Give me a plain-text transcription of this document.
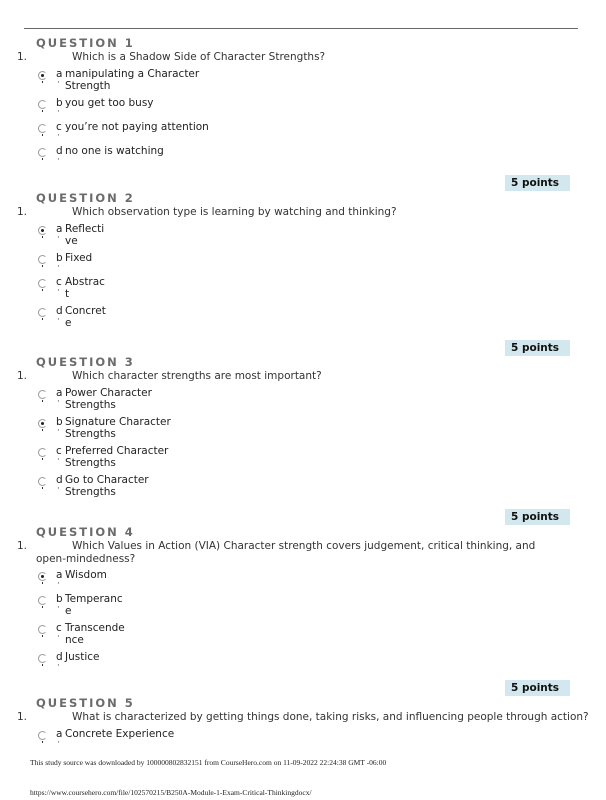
QUESTION 1
1.	Which is a Shadow Side of Character Strengths?
a manipulating a Character
· Strength
b you get too busy
·
c you’re not paying attention
·
d no one is watching
·
5 points
QUESTION 2
1.	Which observation type is learning by watching and thinking?
a Reflecti
· ve
b Fixed
·
c Abstrac
· t
d Concret
· e
5 points
QUESTION 3
1.	Which character strengths are most important?
a Power Character
· Strengths
b Signature Character
· Strengths
c Preferred Character
· Strengths
d Go to Character
· Strengths
5 points
QUESTION 4
1.	Which Values in Action (VIA) Character strength covers judgement, critical thinking, and open-mindedness?
a Wisdom
·
b Temperanc
· e
c Transcende
· nce
d Justice
·
5 points
QUESTION 5
1.	What is characterized by getting things done, taking risks, and influencing people through action?
a Concrete Experience
·
This study source was downloaded by 100000802832151 from CourseHero.com on 11-09-2022 22:24:38 GMT -06:00
https://www.coursehero.com/file/102570215/B250A-Module-1-Exam-Critical-Thinkingdocx/
